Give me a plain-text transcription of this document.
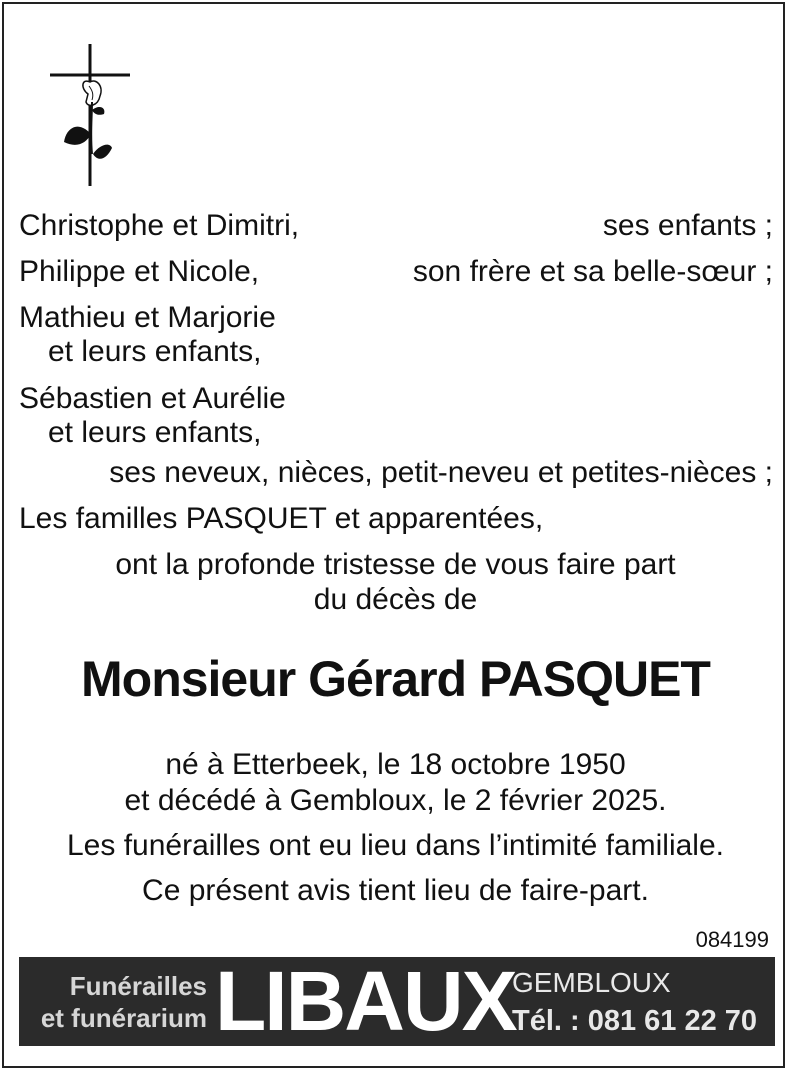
Christophe et Dimitri,	ses enfants ;
Philippe et Nicole,	son frère et sa belle-sœur ;
Mathieu et Marjorie
et leurs enfants,
Sébastien et Aurélie
et leurs enfants,
ses neveux, nièces, petit-neveu et petites-nièces ;
Les familles PASQUET et apparentées,
ont la profonde tristesse de vous faire part
du décès de
Monsieur Gérard PASQUET
né à Etterbeek, le 18 octobre 1950
et décédé à Gembloux, le 2 février 2025.
Les funérailles ont eu lieu dans l’intimité familiale.
Ce présent avis tient lieu de faire-part.
084199
Funérailles
et funérarium LIBAUX
GEMBLOUX
Tél. : 081 61 22 70
